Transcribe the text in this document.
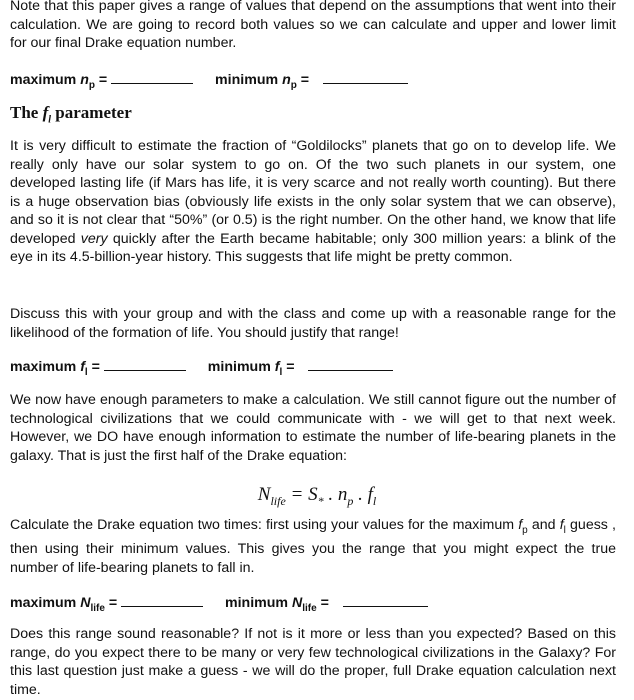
Note that this paper gives a range of values that depend on the assumptions that went into their calculation. We are going to record both values so we can calculate and upper and lower limit for our final Drake equation number.

maximum $n_p$ =	minimum $n_p$ =
The $f_l$ parameter

It is very difficult to estimate the fraction of “Goldilocks” planets that go on to develop life. We really only have our solar system to go on. Of the two such planets in our system, one developed lasting life (if Mars has life, it is very scarce and not really worth counting). But there is a huge observation bias (obviously life exists in the only solar system that we can observe), and so it is not clear that “50%” (or 0.5) is the right number. On the other hand, we know that life developed very quickly after the Earth became habitable; only 300 million years: a blink of the eye in its 4.5-billion-year history. This suggests that life might be pretty common.

Discuss this with your group and with the class and come up with a reasonable range for the likelihood of the formation of life. You should justify that range!

maximum $f_l$ =	minimum $f_l$ =

We now have enough parameters to make a calculation. We still cannot figure out the number of technological civilizations that we could communicate with - we will get to that next week. However, we DO have enough information to estimate the number of life-bearing planets in the galaxy. That is just the first half of the Drake equation:

$N_{life} = S_*$ . $n_p$ . $f_l$

Calculate the Drake equation two times: first using your values for the maximum $f_p$ and $f_l$ guess , then using their minimum values. This gives you the range that you might expect the true number of life-bearing planets to fall in.

maximum $N_{life}$ =	minimum $N_{life}$ =

Does this range sound reasonable? If not is it more or less than you expected? Based on this range, do you expect there to be many or very few technological civilizations in the Galaxy? For this last question just make a guess - we will do the proper, full Drake equation calculation next time.
